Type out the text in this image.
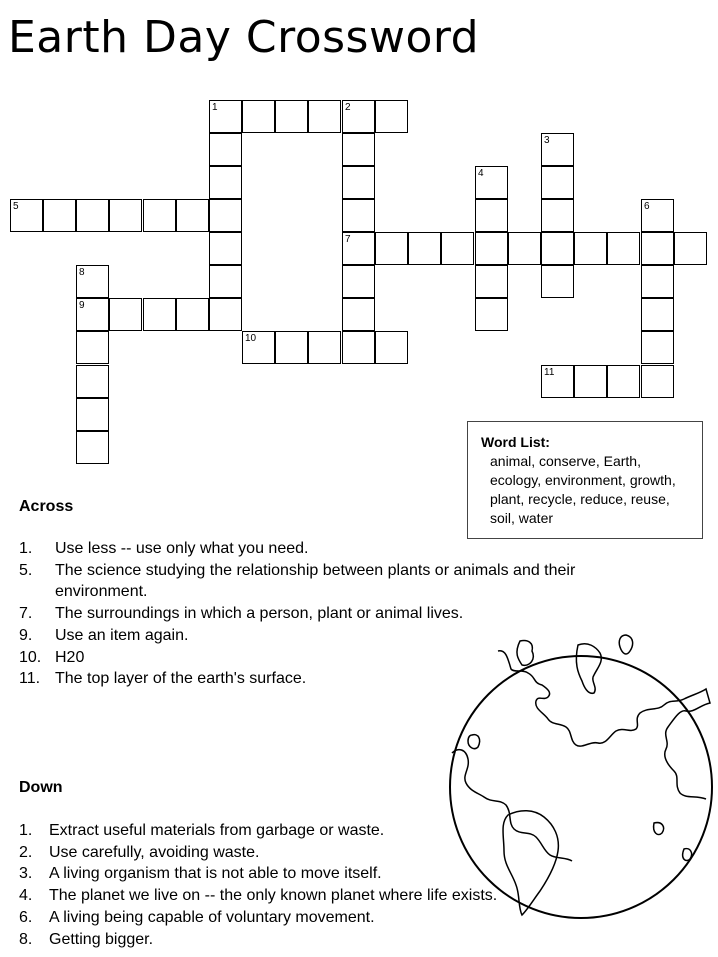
Earth Day Crossword
1	2
5
7
3
4
6
11
10
9
8
Word List:
animal, conserve, Earth, ecology, environment, growth, plant, recycle, reduce, reuse, soil, water
Across
1. Use less -- use only what you need.
5. The science studying the relationship between plants or animals and their environment.
7. The surroundings in which a person, plant or animal lives.
9. Use an item again.
10. H20
11. The top layer of the earth's surface.
Down
1. Extract useful materials from garbage or waste.
2. Use carefully, avoiding waste.
3. A living organism that is not able to move itself.
4. The planet we live on -- the only known planet where life exists.
6. A living being capable of voluntary movement.
8. Getting bigger.
